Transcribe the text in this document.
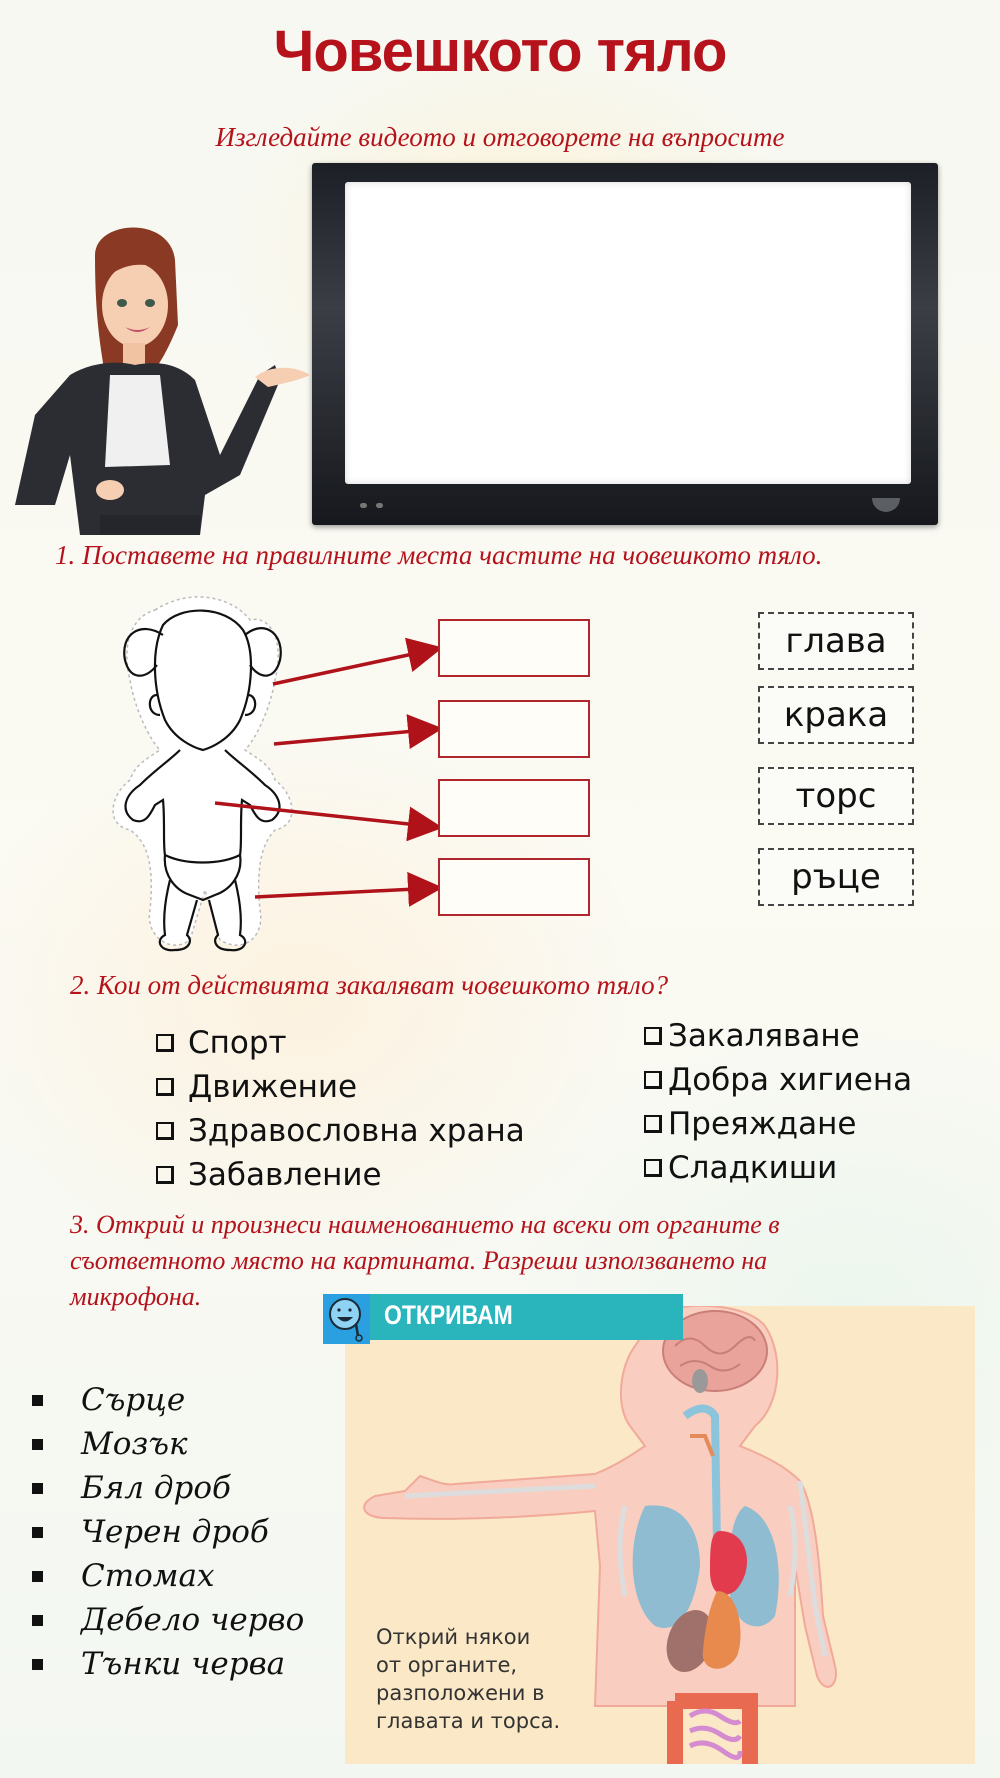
Човешкото тяло
Изгледайте видеото и отговорете на въпросите
1. Поставете на правилните места частите на човешкото тяло.
глава
крака
торс
ръце
2. Кои от действията закаляват човешкото тяло?
Спорт
Движение
Здравословна храна
Забавление
Закаляване
Добра хигиена
Преяждане
Сладкиши
3. Открий и произнеси наименованието на всеки от органите в
съответното място на картината. Разреши използването на
микрофона.
Сърце
Мозък
Бял дроб
Черен дроб
Стомах
Дебело черво
Тънки черва
ОТКРИВАМ
Открий някои
от органите,
разположени в
главата и торса.
